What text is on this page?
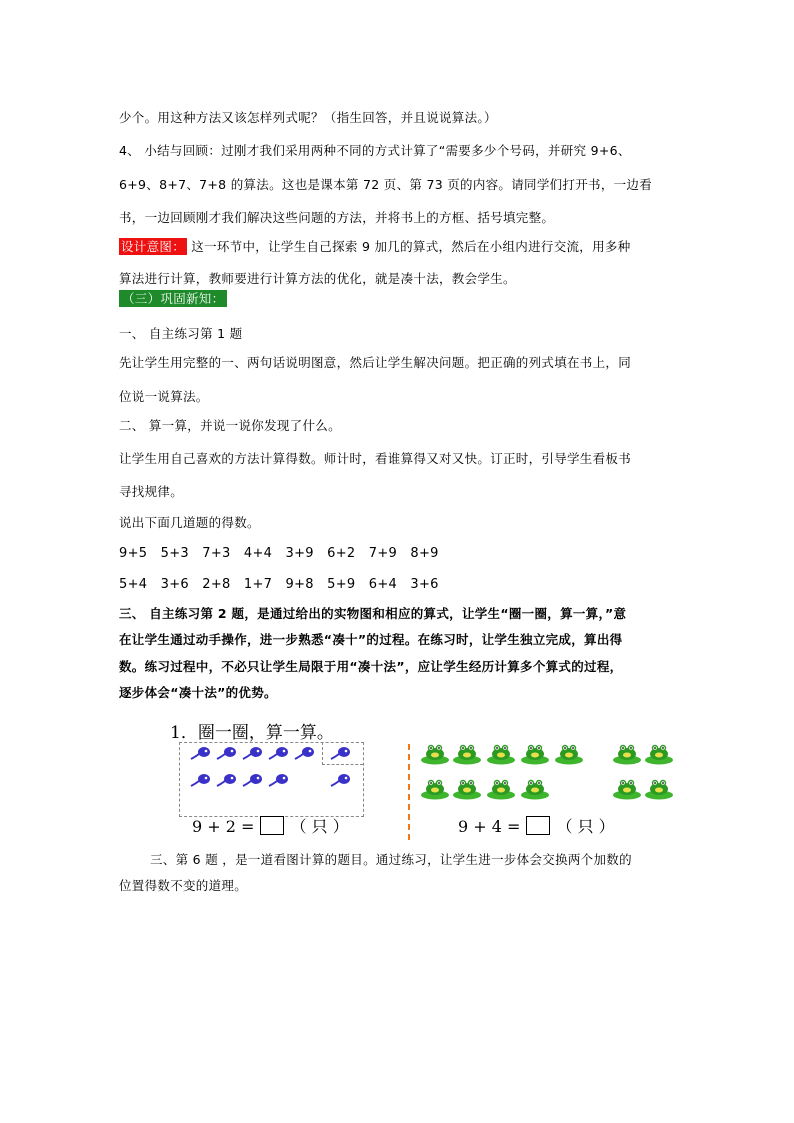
少个。用这种方法又该怎样列式呢？（指生回答，并且说说算法。）
4、 小结与回顾：过刚才我们采用两种不同的方式计算了“需要多少个号码，并研究 9+6、
6+9、8+7、7+8 的算法。这也是课本第 72 页、第 73 页的内容。请同学们打开书，一边看
书，一边回顾刚才我们解决这些问题的方法，并将书上的方框、括号填完整。
设计意图： 这一环节中，让学生自己探索 9 加几的算式，然后在小组内进行交流，用多种
算法进行计算，教师要进行计算方法的优化，就是凑十法，教会学生。
（三）巩固新知：
一、 自主练习第 1 题
先让学生用完整的一、两句话说明图意，然后让学生解决问题。把正确的列式填在书上，同
位说一说算法。
二、 算一算，并说一说你发现了什么。
让学生用自己喜欢的方法计算得数。师计时，看谁算得又对又快。订正时，引导学生看板书
寻找规律。
说出下面几道题的得数。
9+5   5+3   7+3   4+4   3+9   6+2   7+9   8+9
5+4   3+6   2+8   1+7   9+8   5+9   6+4   3+6
三、 自主练习第 2 题，是通过给出的实物图和相应的算式，让学生“圈一圈，算一算，”意
在让学生通过动手操作，进一步熟悉“凑十”的过程。在练习时，让学生独立完成，算出得
数。练习过程中，不必只让学生局限于用“凑十法”，应让学生经历计算多个算式的过程，
逐步体会“凑十法”的优势。
1．圈一圈，算一算。
9 + 2 = （ 只 ）	9 + 4 = （ 只 ）
三、第 6 题 ，是一道看图计算的题目。通过练习，让学生进一步体会交换两个加数的
位置得数不变的道理。
